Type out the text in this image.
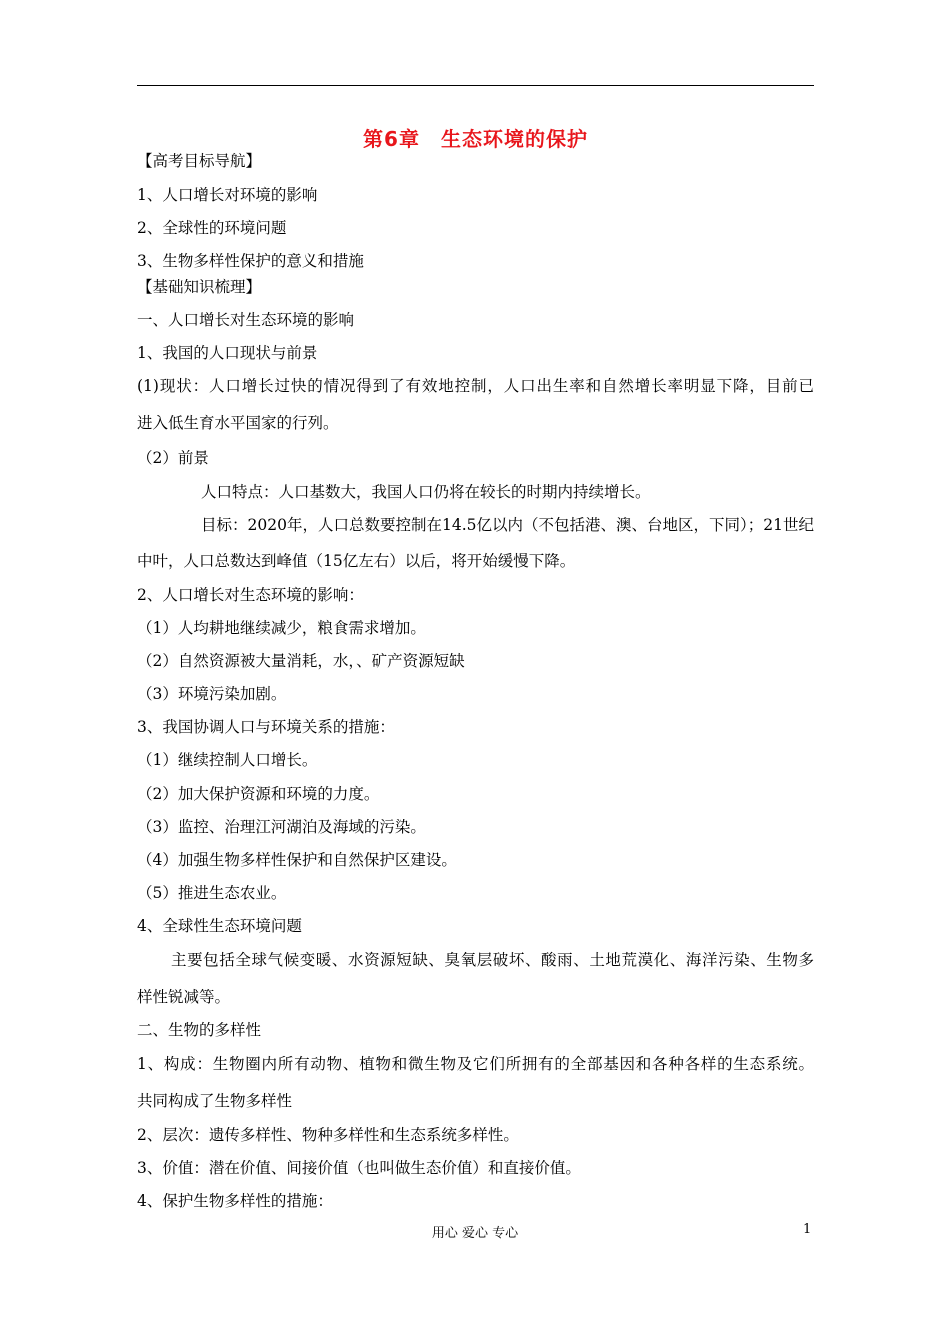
第6章　生态环境的保护
【高考目标导航】
1、人口增长对环境的影响
2、全球性的环境问题
3、生物多样性保护的意义和措施
【基础知识梳理】
一、人口增长对生态环境的影响
1、我国的人口现状与前景
(1)现状：人口增长过快的情况得到了有效地控制，人口出生率和自然增长率明显下降，目前已
进入低生育水平国家的行列。
（2）前景
人口特点：人口基数大，我国人口仍将在较长的时期内持续增长。
目标：2020年，人口总数要控制在14.5亿以内（不包括港、澳、台地区，下同）；21世纪
中叶，人口总数达到峰值（15亿左右）以后，将开始缓慢下降。
2、人口增长对生态环境的影响：
（1）人均耕地继续减少，粮食需求增加。
（2）自然资源被大量消耗，水，、矿产资源短缺
（3）环境污染加剧。
3、我国协调人口与环境关系的措施：
（1）继续控制人口增长。
（2）加大保护资源和环境的力度。
（3）监控、治理江河湖泊及海域的污染。
（4）加强生物多样性保护和自然保护区建设。
（5）推进生态农业。
4、全球性生态环境问题
主要包括全球气候变暖、水资源短缺、臭氧层破坏、酸雨、土地荒漠化、海洋污染、生物多
样性锐减等。
二、生物的多样性
1、构成：生物圈内所有动物、植物和微生物及它们所拥有的全部基因和各种各样的生态系统。
共同构成了生物多样性
2、层次：遗传多样性、物种多样性和生态系统多样性。
3、价值：潜在价值、间接价值（也叫做生态价值）和直接价值。
4、保护生物多样性的措施：
用心 爱心 专心	1
